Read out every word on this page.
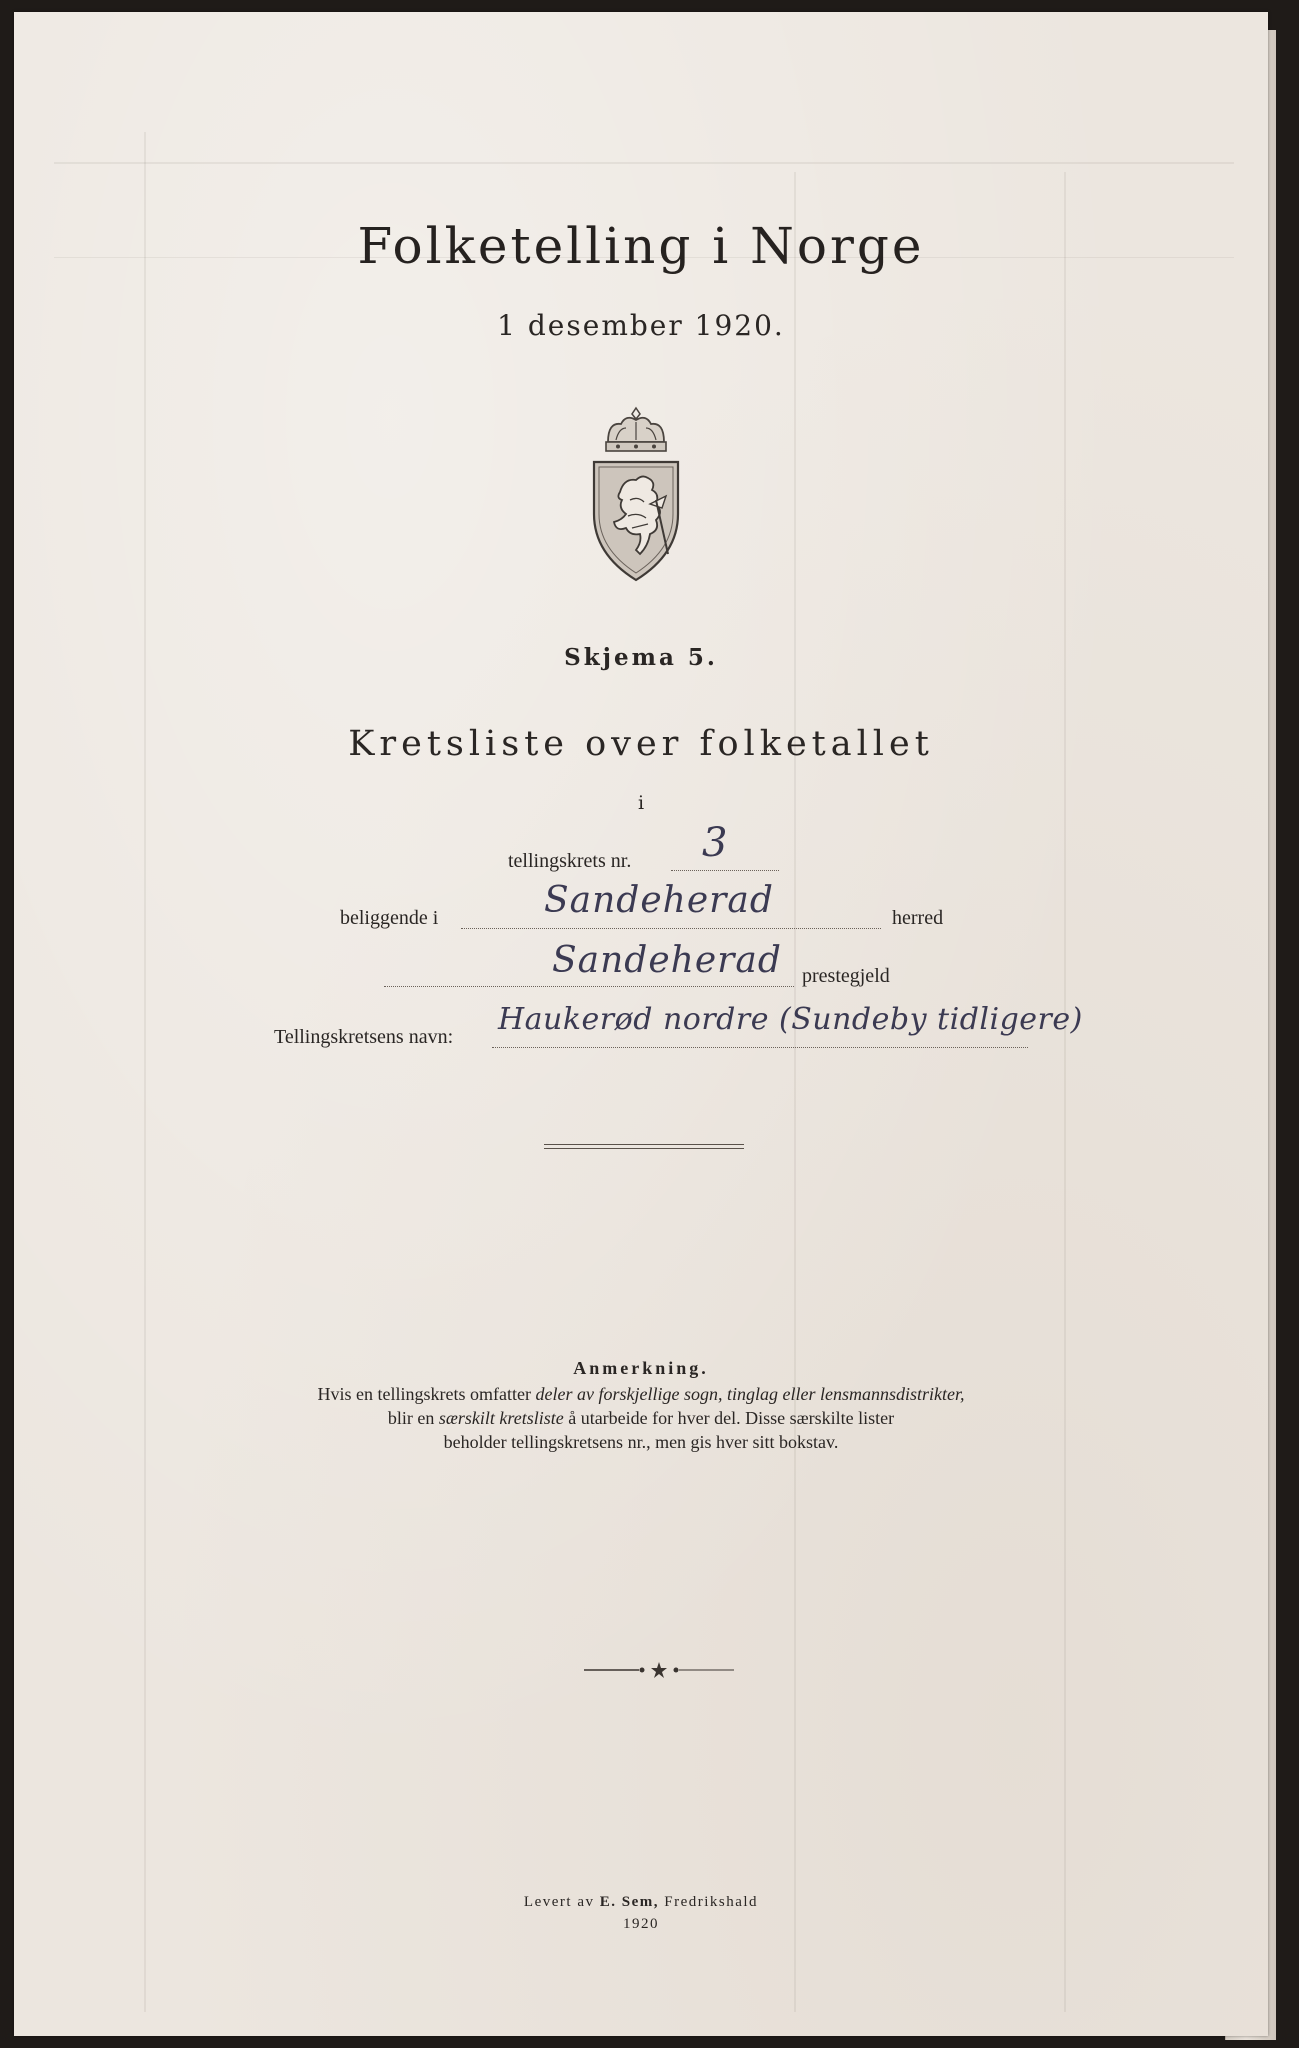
Folketelling i Norge
1 desember 1920.
Skjema 5.
Kretsliste over folketallet
i
tellingskrets nr. 3
beliggende i	Sandeherad	herred
Sandeherad prestegjeld
Tellingskretsens navn: Haukerød nordre (Sundeby tidligere)
Anmerkning.
Hvis en tellingskrets omfatter deler av forskjellige sogn, tinglag eller lensmannsdistrikter,
blir en særskilt kretsliste å utarbeide for hver del. Disse særskilte lister
beholder tellingskretsens nr., men gis hver sitt bokstav.
Levert av E. Sem, Fredrikshald
1920
